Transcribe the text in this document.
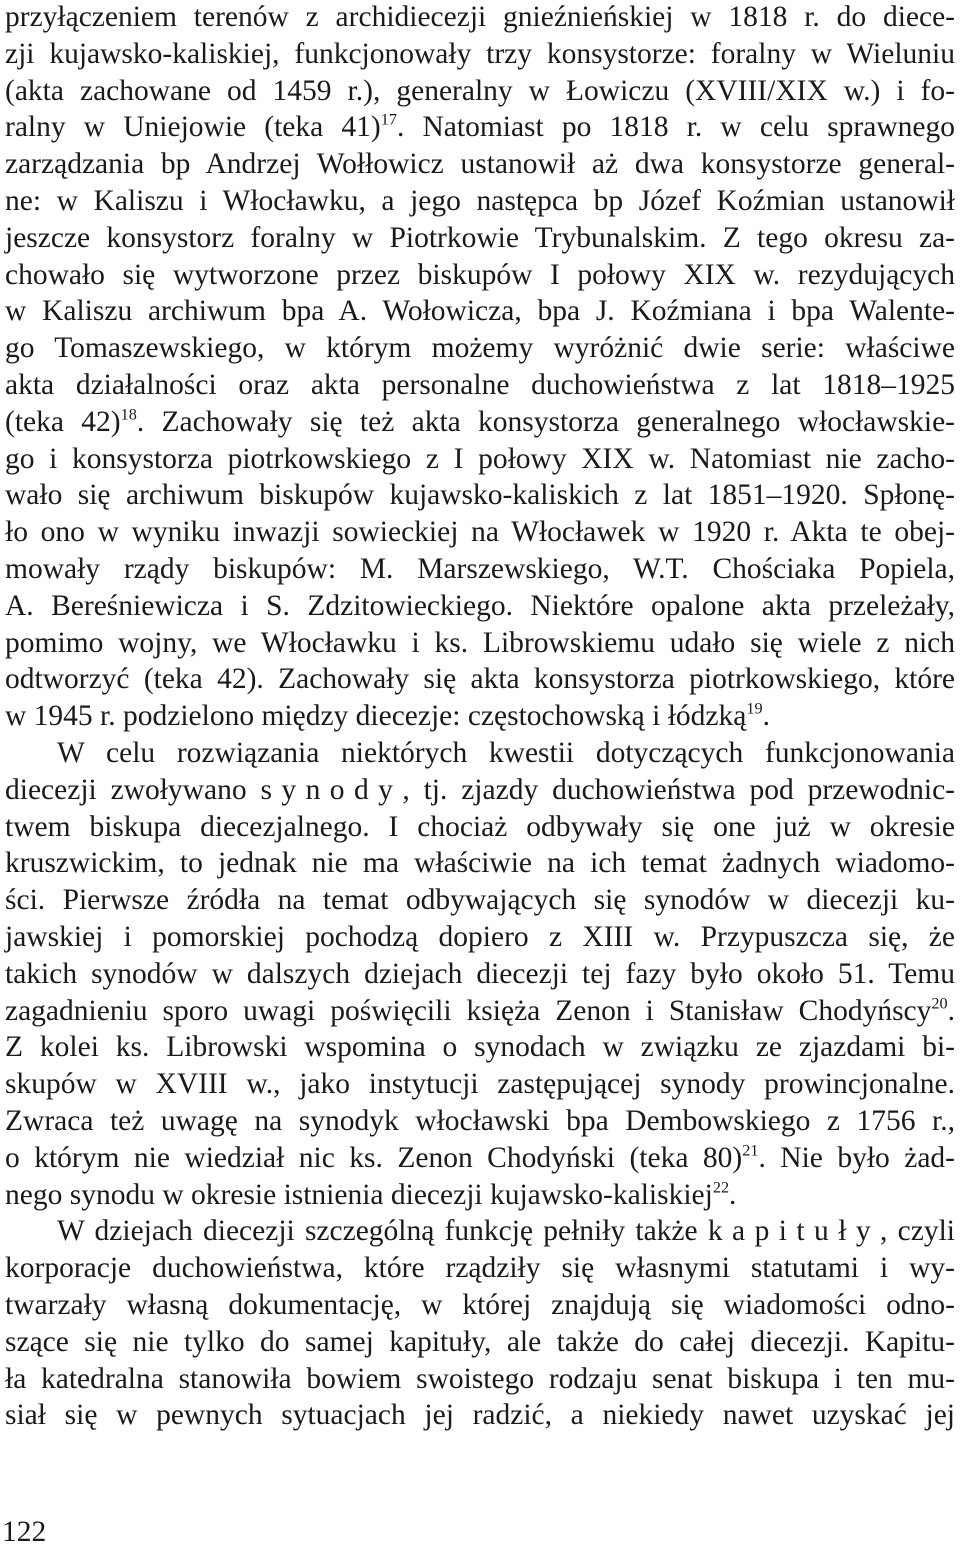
przyłączeniem terenów z archidiecezji gnieźnieńskiej w 1818 r. do diece-
zji kujawsko-kaliskiej, funkcjonowały trzy konsystorze: foralny w Wieluniu
(akta zachowane od 1459 r.), generalny w Łowiczu (XVIII/XIX w.) i fo-
ralny w Uniejowie (teka 41)$^{17}$. Natomiast po 1818 r. w celu sprawnego
zarządzania bp Andrzej Wołłowicz ustanowił aż dwa konsystorze general-
ne: w Kaliszu i Włocławku, a jego następca bp Józef Koźmian ustanowił
jeszcze konsystorz foralny w Piotrkowie Trybunalskim. Z tego okresu za-
chowało się wytworzone przez biskupów I połowy XIX w. rezydujących
w Kaliszu archiwum bpa A. Wołowicza, bpa J. Koźmiana i bpa Walente-
go Tomaszewskiego, w którym możemy wyróżnić dwie serie: właściwe
akta działalności oraz akta personalne duchowieństwa z lat 1818–1925
(teka 42)$^{18}$. Zachowały się też akta konsystorza generalnego włocławskie-
go i konsystorza piotrkowskiego z I połowy XIX w. Natomiast nie zacho-
wało się archiwum biskupów kujawsko-kaliskich z lat 1851–1920. Spłonę-
ło ono w wyniku inwazji sowieckiej na Włocławek w 1920 r. Akta te obej-
mowały rządy biskupów: M. Marszewskiego, W.T. Chościaka Popiela,
A. Bereśniewicza i S. Zdzitowieckiego. Niektóre opalone akta przeleżały,
pomimo wojny, we Włocławku i ks. Librowskiemu udało się wiele z nich
odtworzyć (teka 42). Zachowały się akta konsystorza piotrkowskiego, które
w 1945 r. podzielono między diecezje: częstochowską i łódzką$^{19}$.
W celu rozwiązania niektórych kwestii dotyczących funkcjonowania
diecezji zwoływano synody, tj. zjazdy duchowieństwa pod przewodnic-
twem biskupa diecezjalnego. I chociaż odbywały się one już w okresie
kruszwickim, to jednak nie ma właściwie na ich temat żadnych wiadomo-
ści. Pierwsze źródła na temat odbywających się synodów w diecezji ku-
jawskiej i pomorskiej pochodzą dopiero z XIII w. Przypuszcza się, że
takich synodów w dalszych dziejach diecezji tej fazy było około 51. Temu
zagadnieniu sporo uwagi poświęcili księża Zenon i Stanisław Chodyńscy$^{20}$.
Z kolei ks. Librowski wspomina o synodach w związku ze zjazdami bi-
skupów w XVIII w., jako instytucji zastępującej synody prowincjonalne.
Zwraca też uwagę na synodyk włocławski bpa Dembowskiego z 1756 r.,
o którym nie wiedział nic ks. Zenon Chodyński (teka 80)$^{21}$. Nie było żad-
nego synodu w okresie istnienia diecezji kujawsko-kaliskiej$^{22}$.
W dziejach diecezji szczególną funkcję pełniły także kapituły, czyli
korporacje duchowieństwa, które rządziły się własnymi statutami i wy-
twarzały własną dokumentację, w której znajdują się wiadomości odno-
szące się nie tylko do samej kapituły, ale także do całej diecezji. Kapitu-
ła katedralna stanowiła bowiem swoistego rodzaju senat biskupa i ten mu-
siał się w pewnych sytuacjach jej radzić, a niekiedy nawet uzyskać jej
122
